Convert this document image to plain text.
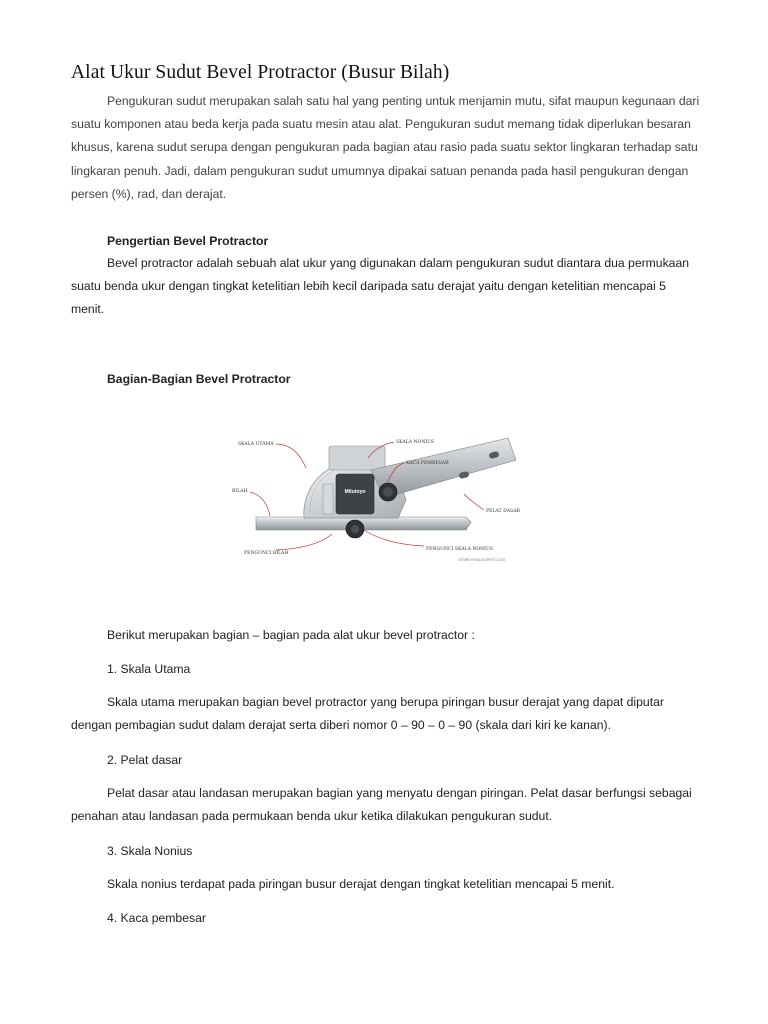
Alat Ukur Sudut Bevel Protractor (Busur Bilah)

Pengukuran sudut merupakan salah satu hal yang penting untuk menjamin mutu, sifat maupun kegunaan dari suatu komponen atau beda kerja pada suatu mesin atau alat. Pengukuran sudut memang tidak diperlukan besaran khusus, karena sudut serupa dengan pengukuran pada bagian atau rasio pada suatu sektor lingkaran terhadap satu lingkaran penuh. Jadi, dalam pengukuran sudut umumnya dipakai satuan penanda pada hasil pengukuran dengan persen (%), rad, dan derajat.

Pengertian Bevel Protractor

Bevel protractor adalah sebuah alat ukur yang digunakan dalam pengukuran sudut diantara dua permukaan suatu benda ukur dengan tingkat ketelitian lebih kecil daripada satu derajat yaitu dengan ketelitian mencapai 5 menit.

Bagian-Bagian Bevel Protractor

Mitutoyo
SKALA UTAMA	SKALA NONIUS
KACA PEMBESAR
BILAH
PELAT DASAR
PENGUNCI BILAH
PENGUNCI SKALA NONIUS
OTOMOTIF.BLOGSPOT.CO.ID

Berikut merupakan bagian – bagian pada alat ukur bevel protractor :

1. Skala Utama

Skala utama merupakan bagian bevel protractor yang berupa piringan busur derajat yang dapat diputar dengan pembagian sudut dalam derajat serta diberi nomor 0 – 90 – 0 – 90 (skala dari kiri ke kanan).

2. Pelat dasar

Pelat dasar atau landasan merupakan bagian yang menyatu dengan piringan. Pelat dasar berfungsi sebagai penahan atau landasan pada permukaan benda ukur ketika dilakukan pengukuran sudut.

3. Skala Nonius

Skala nonius terdapat pada piringan busur derajat dengan tingkat ketelitian mencapai 5 menit.

4. Kaca pembesar
